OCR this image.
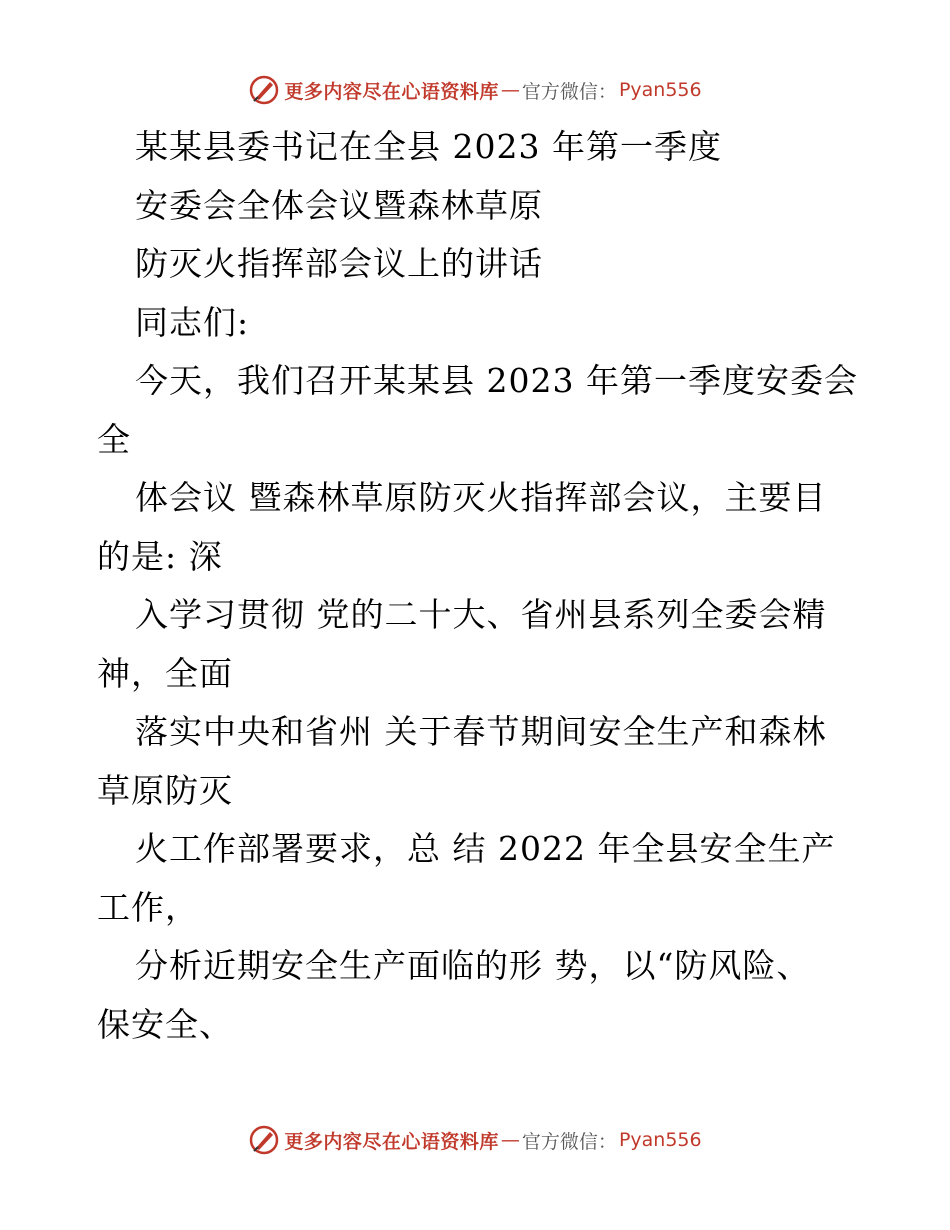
更多内容尽在心语资料库 — 官方微信： Pyan556
某某县委书记在全县 2023 年第一季度
安委会全体会议暨森林草原
防灭火指挥部会议上的讲话
同志们:
今天，我们召开某某县 2023 年第一季度安委会
全
体会议 暨森林草原防灭火指挥部会议，主要目
的是: 深
入学习贯彻 党的二十大、省州县系列全委会精
神，全面
落实中央和省州 关于春节期间安全生产和森林
草原防灭
火工作部署要求，总 结 2022 年全县安全生产
工作，
分析近期安全生产面临的形 势，以“防风险、
保安全、
更多内容尽在心语资料库 — 官方微信： Pyan556
